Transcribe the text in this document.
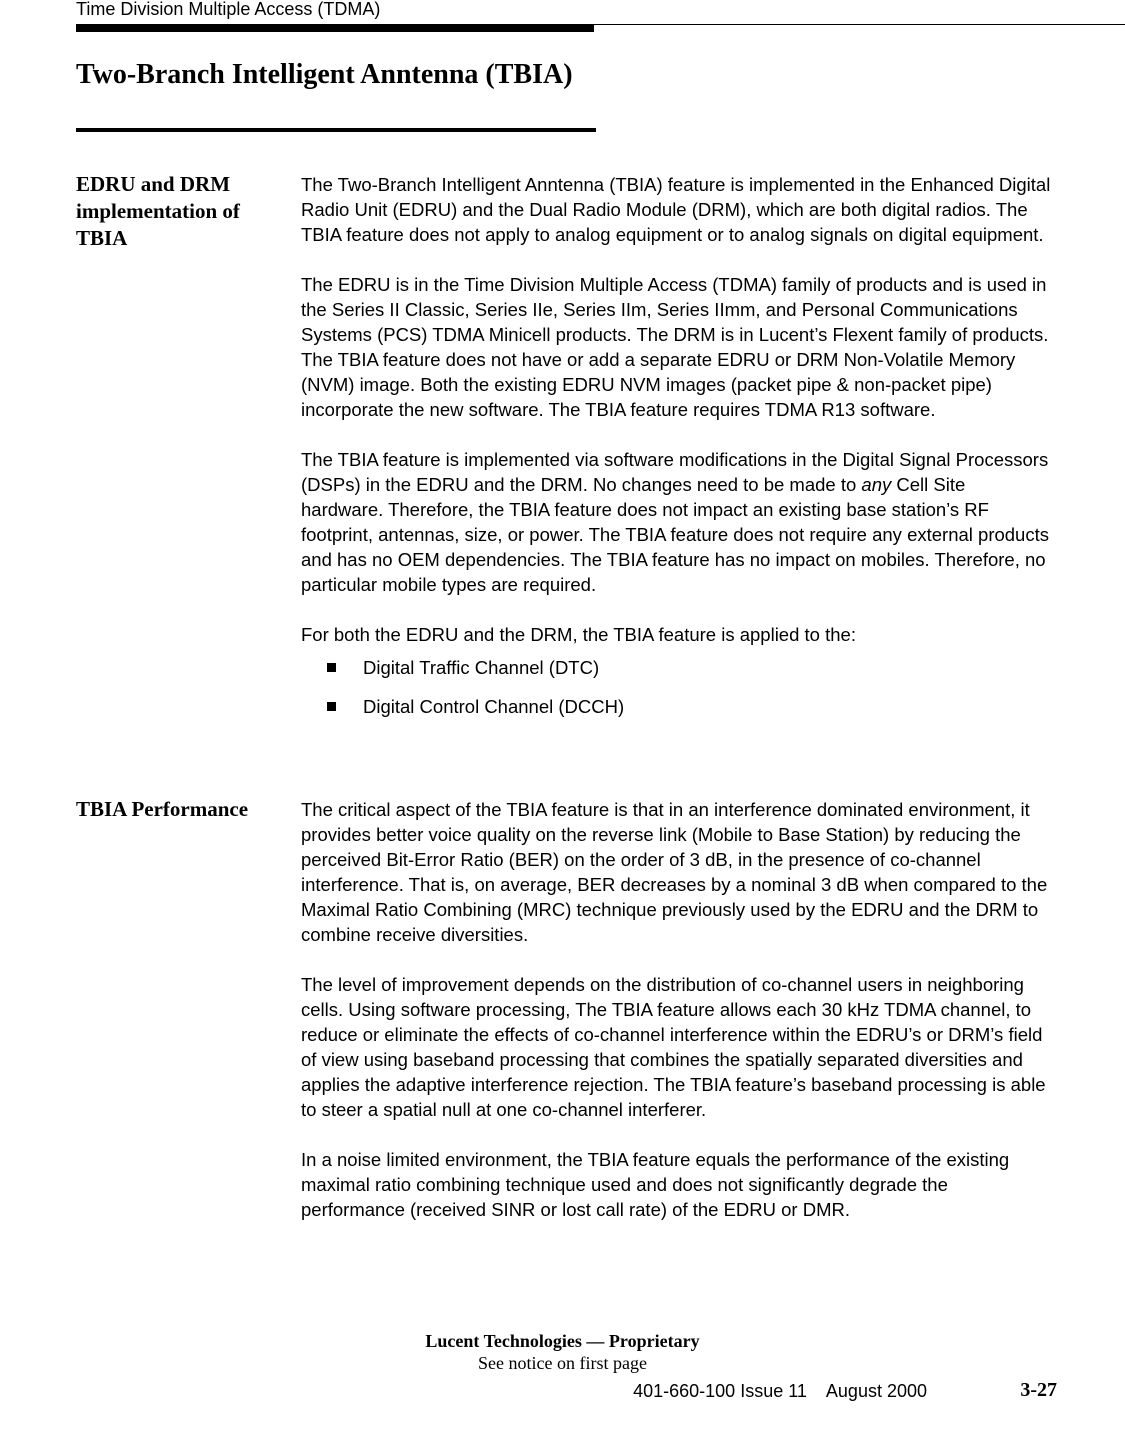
Time Division Multiple Access (TDMA)
Two-Branch Intelligent Anntenna (TBIA)
EDRU and DRM implementation of TBIA

The Two-Branch Intelligent Anntenna (TBIA) feature is implemented in the Enhanced Digital Radio Unit (EDRU) and the Dual Radio Module (DRM), which are both digital radios. The TBIA feature does not apply to analog equipment or to analog signals on digital equipment.

The EDRU is in the Time Division Multiple Access (TDMA) family of products and is used in the Series II Classic, Series IIe, Series IIm, Series IImm, and Personal Communications Systems (PCS) TDMA Minicell products. The DRM is in Lucent’s Flexent family of products. The TBIA feature does not have or add a separate EDRU or DRM Non-Volatile Memory (NVM) image. Both the existing EDRU NVM images (packet pipe & non-packet pipe) incorporate the new software. The TBIA feature requires TDMA R13 software.

The TBIA feature is implemented via software modifications in the Digital Signal Processors (DSPs) in the EDRU and the DRM. No changes need to be made to any Cell Site hardware. Therefore, the TBIA feature does not impact an existing base station’s RF footprint, antennas, size, or power. The TBIA feature does not require any external products and has no OEM dependencies. The TBIA feature has no impact on mobiles. Therefore, no particular mobile types are required.

For both the EDRU and the DRM, the TBIA feature is applied to the:

Digital Traffic Channel (DTC)
Digital Control Channel (DCCH)
TBIA Performance	The critical aspect of the TBIA feature is that in an interference dominated environment, it provides better voice quality on the reverse link (Mobile to Base Station) by reducing the perceived Bit-Error Ratio (BER) on the order of 3 dB, in the presence of co-channel interference. That is, on average, BER decreases by a nominal 3 dB when compared to the Maximal Ratio Combining (MRC) technique previously used by the EDRU and the DRM to combine receive diversities.

The level of improvement depends on the distribution of co-channel users in neighboring cells. Using software processing, The TBIA feature allows each 30 kHz TDMA channel, to reduce or eliminate the effects of co-channel interference within the EDRU’s or DRM’s field of view using baseband processing that combines the spatially separated diversities and applies the adaptive interference rejection. The TBIA feature’s baseband processing is able to steer a spatial null at one co-channel interferer.

In a noise limited environment, the TBIA feature equals the performance of the existing maximal ratio combining technique used and does not significantly degrade the performance (received SINR or lost call rate) of the EDRU or DMR.

Lucent Technologies — Proprietary
See notice on first page
401-660-100 Issue 11    August 2000	3-27
